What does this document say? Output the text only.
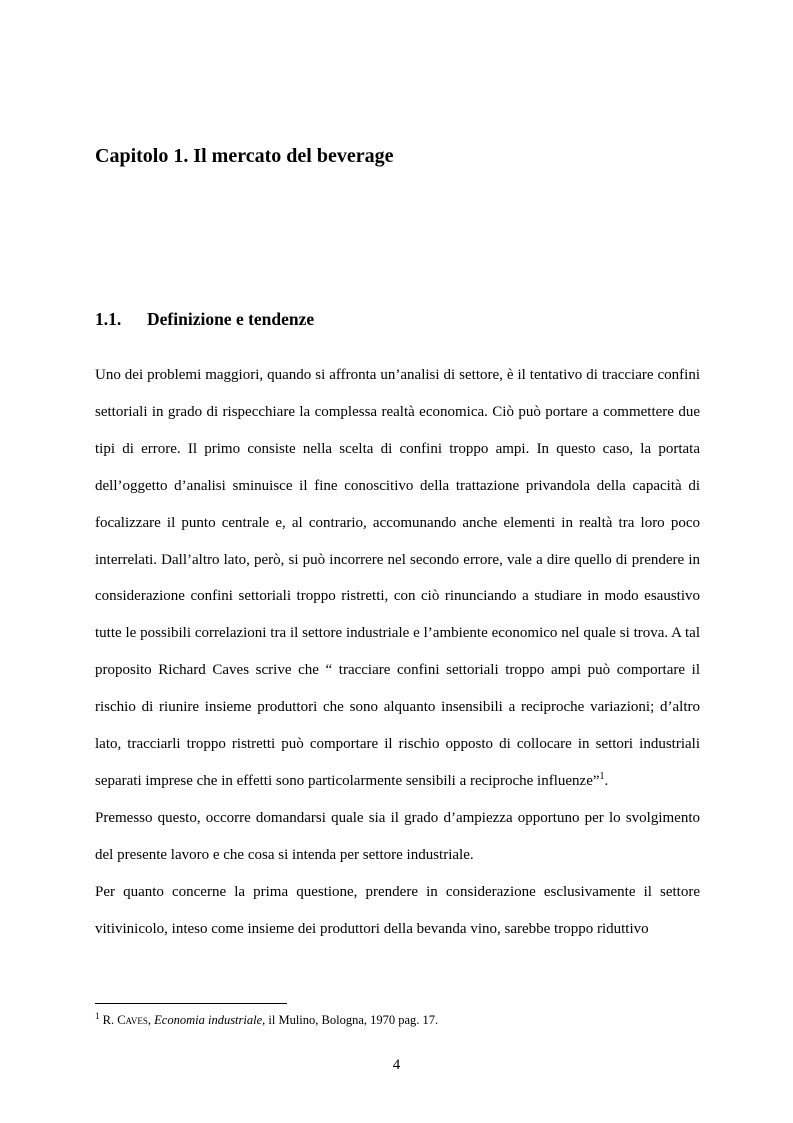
Capitolo 1. Il mercato del beverage
1.1. Definizione e tendenze

Uno dei problemi maggiori, quando si affronta un’analisi di settore, è il tentativo di tracciare confini settoriali in grado di rispecchiare la complessa realtà economica. Ciò può portare a commettere due tipi di errore. Il primo consiste nella scelta di confini troppo ampi. In questo caso, la portata dell’oggetto d’analisi sminuisce il fine conoscitivo della trattazione privandola della capacità di focalizzare il punto centrale e, al contrario, accomunando anche elementi in realtà tra loro poco interrelati. Dall’altro lato, però, si può incorrere nel secondo errore, vale a dire quello di prendere in considerazione confini settoriali troppo ristretti, con ciò rinunciando a studiare in modo esaustivo tutte le possibili correlazioni tra il settore industriale e l’ambiente economico nel quale si trova. A tal proposito Richard Caves scrive che “ tracciare confini settoriali troppo ampi può comportare il rischio di riunire insieme produttori che sono alquanto insensibili a reciproche variazioni; d’altro lato, tracciarli troppo ristretti può comportare il rischio opposto di collocare in settori industriali separati imprese che in effetti sono particolarmente sensibili a reciproche influenze”$^1$.

Premesso questo, occorre domandarsi quale sia il grado d’ampiezza opportuno per lo svolgimento del presente lavoro e che cosa si intenda per settore industriale.

Per quanto concerne la prima questione, prendere in considerazione esclusivamente il settore vitivinicolo, inteso come insieme dei produttori della bevanda vino, sarebbe troppo riduttivo

$^1$ R. Caves, Economia industriale, il Mulino, Bologna, 1970 pag. 17.
4
